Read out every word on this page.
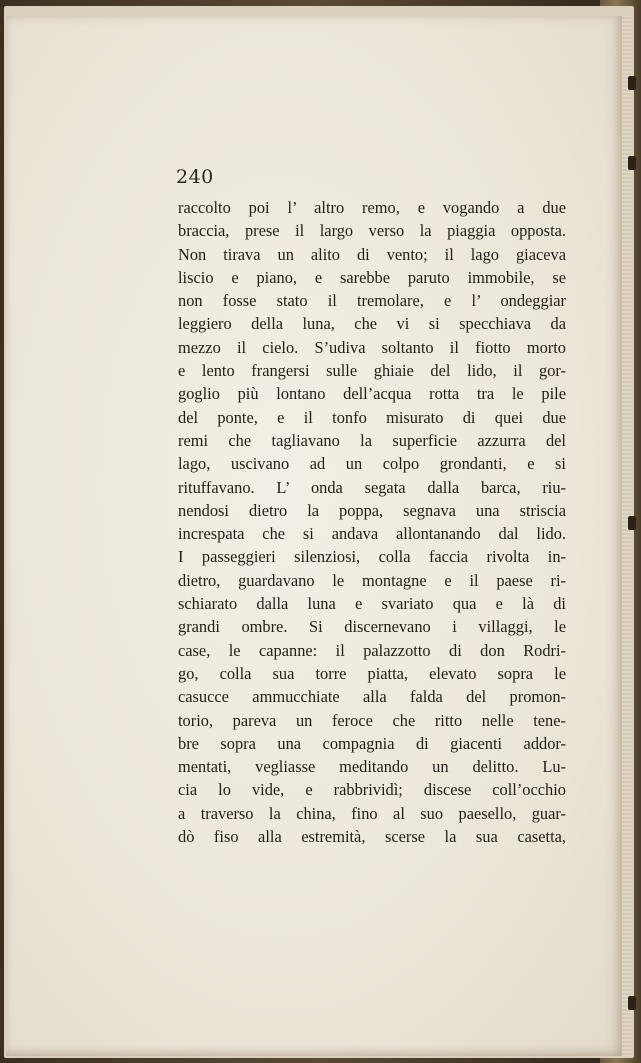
240
raccolto poi l’ altro remo, e vogando a due
braccia, prese il largo verso la piaggia opposta.
Non tirava un alito di vento; il lago giaceva
liscio e piano, e sarebbe paruto immobile, se
non fosse stato il tremolare, e l’ ondeggiar
leggiero della luna, che vi si specchiava da
mezzo il cielo. S’udiva soltanto il fiotto morto
e lento frangersi sulle ghiaie del lido, il gor-
goglio più lontano dell’acqua rotta tra le pile
del ponte, e il tonfo misurato di quei due
remi che tagliavano la superficie azzurra del
lago, uscivano ad un colpo grondanti, e si
rituffavano. L’ onda segata dalla barca, riu-
nendosi dietro la poppa, segnava una striscia
increspata che si andava allontanando dal lido.
I passeggieri silenziosi, colla faccia rivolta in-
dietro, guardavano le montagne e il paese ri-
schiarato dalla luna e svariato qua e là di
grandi ombre. Si discernevano i villaggi, le
case, le capanne: il palazzotto di don Rodri-
go, colla sua torre piatta, elevato sopra le
casucce ammucchiate alla falda del promon-
torio, pareva un feroce che ritto nelle tene-
bre sopra una compagnia di giacenti addor-
mentati, vegliasse meditando un delitto. Lu-
cia lo vide, e rabbrividì; discese coll’occhio
a traverso la china, fino al suo paesello, guar-
dò fiso alla estremità, scerse la sua casetta,
